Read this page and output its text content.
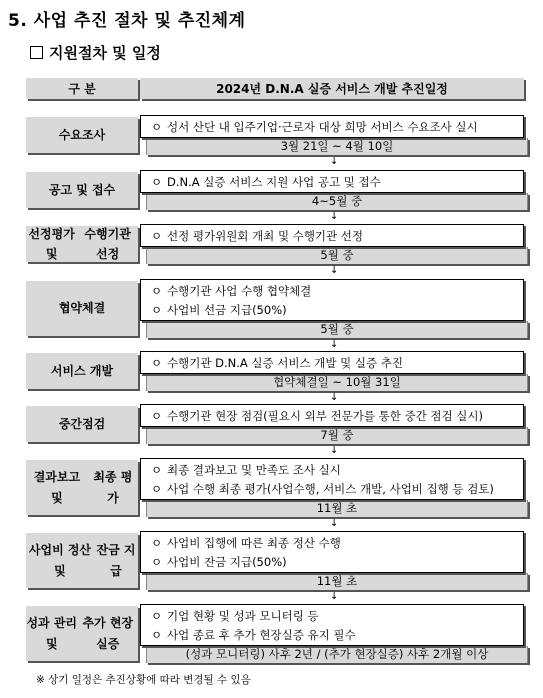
5. 사업 추진 절차 및 추진체계
지원절차 및 일정
구 분	2024년 D.N.A 실증 서비스 개발 추진일정
수요조사
ㅇ 성서 산단 내 입주기업·근로자 대상 희망 서비스 수요조사 실시
3월 21일 ~ 4월 10일
↓
공고 및 접수
ㅇ D.N.A 실증 서비스 지원 사업 공고 및 접수
4~5월 중
↓
선정평가 및

수행기관 선정
ㅇ 선정 평가위원회 개최 및 수행기관 선정
5월 중
↓
협약체결
ㅇ 수행기관 사업 수행 협약체결
ㅇ 사업비 선금 지급(50%)
5월 중
↓
서비스 개발
ㅇ 수행기관 D.N.A 실증 서비스 개발 및 실증 추진
협약체결일 ~ 10월 31일
↓
중간점검
ㅇ 수행기관 현장 점검(필요시 외부 전문가를 통한 중간 점검 실시)
7월 중
↓
결과보고 및

최종 평가
ㅇ 최종 결과보고 및 만족도 조사 실시
ㅇ 사업 수행 최종 평가(사업수행, 서비스 개발, 사업비 집행 등 검토)
11월 초
↓
사업비 정산 및

잔금 지급
ㅇ 사업비 집행에 따른 최종 정산 수행
ㅇ 사업비 잔금 지급(50%)
11월 초
↓
성과 관리 및

추가 현장 실증
ㅇ 기업 현황 및 성과 모니터링 등
ㅇ 사업 종료 후 추가 현장실증 유지 필수
(성과 모니터링) 사후 2년 / (추가 현장실증) 사후 2개월 이상
※ 상기 일정은 추진상황에 따라 변경될 수 있음
